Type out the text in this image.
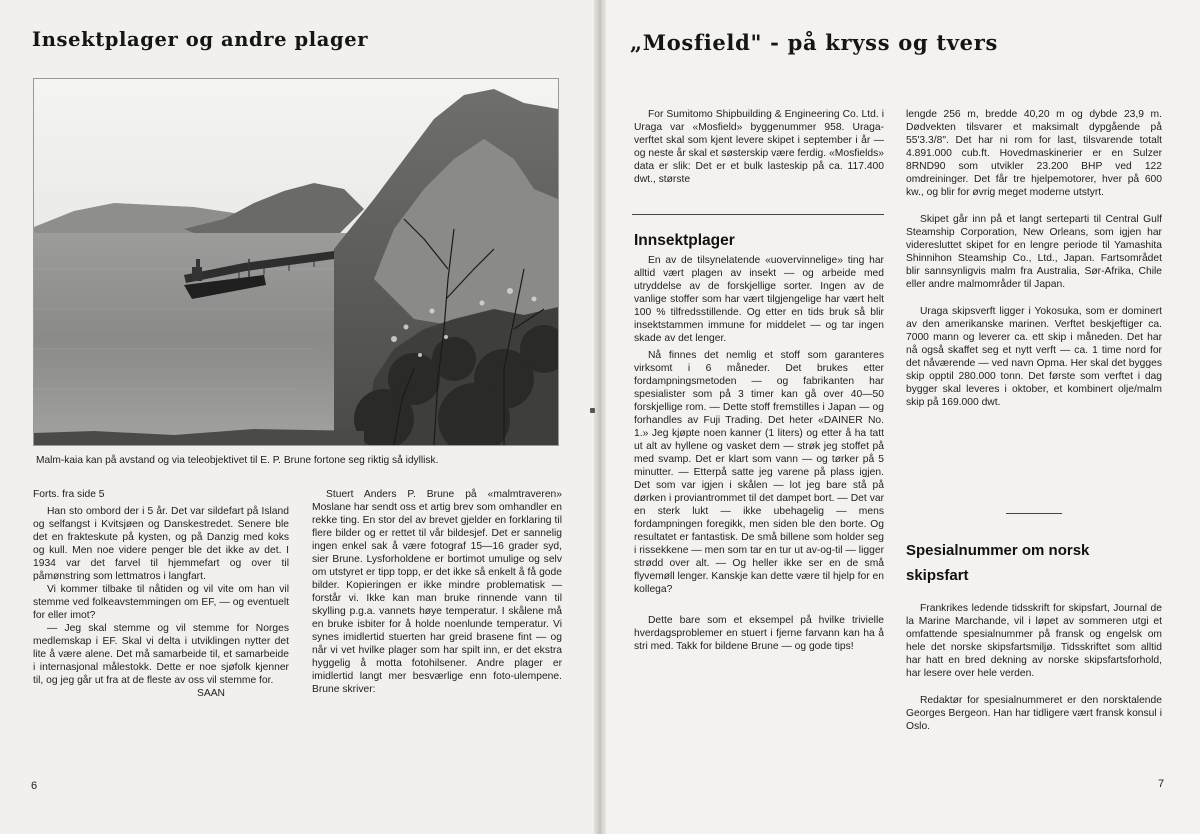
Insektplager og andre plager

Malm-kaia kan på avstand og via teleobjektivet til E. P. Brune fortone seg riktig så idyllisk.

Forts. fra side 5

Han sto ombord der i 5 år. Det var sildefart på Island og selfangst i Kvitsjøen og Danskestredet. Senere ble det en frakteskute på kysten, og på Danzig med koks og kull. Men noe videre penger ble det ikke av det. I 1934 var det farvel til hjemmefart og over til påmønstring som lettmatros i langfart.

Vi kommer tilbake til nåtiden og vil vite om han vil stemme ved folkeavstemmingen om EF, — og eventuelt for eller imot?

— Jeg skal stemme og vil stemme for Norges medlemskap i EF. Skal vi delta i utviklingen nytter det lite å være alene. Det må samarbeide til, et samarbeide i internasjonal målestokk. Dette er noe sjøfolk kjenner til, og jeg går ut fra at de fleste av oss vil stemme for.

SAAN

Stuert Anders P. Brune på «malmtraveren» Moslane har sendt oss et artig brev som omhandler en rekke ting. En stor del av brevet gjelder en forklaring til flere bilder og er rettet til vår bildesjef. Det er sannelig ingen enkel sak å være fotograf 15—16 grader syd, sier Brune. Lysforholdene er bortimot umulige og selv om utstyret er tipp topp, er det ikke så enkelt å få gode bilder. Kopieringen er ikke mindre problematisk — forstår vi. Ikke kan man bruke rinnende vann til skylling p.g.a. vannets høye temperatur. I skålene må en bruke isbiter for å holde noenlunde temperatur. Vi synes imidlertid stuerten har greid brasene fint — og når vi vet hvilke plager som har spilt inn, er det ekstra hyggelig å motta fotohilsener. Andre plager er imidlertid langt mer besværlige enn foto-ulempene. Brune skriver:

6

„Mosfield" - på kryss og tvers

For Sumitomo Shipbuilding & Engineering Co. Ltd. i Uraga var «Mosfield» byggenummer 958. Uraga-verftet skal som kjent levere skipet i september i år — og neste år skal et søsterskip være ferdig. «Mosfields» data er slik: Det er et bulk lasteskip på ca. 117.400 dwt., største

Innsektplager

En av de tilsynelatende «uovervinnelige» ting har alltid vært plagen av insekt — og arbeide med utryddelse av de forskjellige sorter. Ingen av de vanlige stoffer som har vært tilgjengelige har vært helt 100 % tilfredsstillende. Og etter en tids bruk så blir insektstammen immune for middelet — og tar ingen skade av det lenger.

Nå finnes det nemlig et stoff som garanteres virksomt i 6 måneder. Det brukes etter fordampningsmetoden — og fabrikanten har spesialister som på 3 timer kan gå over 40—50 forskjellige rom. — Dette stoff fremstilles i Japan — og forhandles av Fuji Trading. Det heter «DAINER No. 1.» Jeg kjøpte noen kanner (1 liters) og etter å ha tatt ut alt av hyllene og vasket dem — strøk jeg stoffet på med svamp. Det er klart som vann — og tørker på 5 minutter. — Etterpå satte jeg varene på plass igjen. Det som var igjen i skålen — lot jeg bare stå på dørken i proviantrommet til det dampet bort. — Det var en sterk lukt — ikke ubehagelig — mens fordampningen foregikk, men siden ble den borte. Og resultatet er fantastisk. De små billene som holder seg i rissekkene — men som tar en tur ut av-og-til — ligger strødd over alt. — Og heller ikke ser en de små flyvemøll lenger. Kanskje kan dette være til hjelp for en kollega?

Dette bare som et eksempel på hvilke trivielle hverdagsproblemer en stuert i fjerne farvann kan ha å stri med. Takk for bildene Brune — og gode tips!

lengde 256 m, bredde 40,20 m og dybde 23,9 m. Dødvekten tilsvarer et maksimalt dypgående på 55'3.3/8". Det har ni rom for last, tilsvarende totalt 4.891.000 cub.ft. Hovedmaskinerier er en Sulzer 8RND90 som utvikler 23.200 BHP ved 122 omdreininger. Det får tre hjelpemotorer, hver på 600 kw., og blir for øvrig meget moderne utstyrt.

Skipet går inn på et langt serteparti til Central Gulf Steamship Corporation, New Orleans, som igjen har videresluttet skipet for en lengre periode til Yamashita Shinnihon Steamship Co., Ltd., Japan. Fartsområdet blir sannsynligvis malm fra Australia, Sør-Afrika, Chile eller andre malmområder til Japan.

Uraga skipsverft ligger i Yokosuka, som er dominert av den amerikanske marinen. Verftet beskjeftiger ca. 7000 mann og leverer ca. ett skip i måneden. Det har nå også skaffet seg et nytt verft — ca. 1 time nord for det nåværende — ved navn Opma. Her skal det bygges skip opptil 280.000 tonn. Det første som verftet i dag bygger skal leveres i oktober, et kombinert olje/malm skip på 169.000 dwt.

Spesialnummer om norsk skipsfart

Frankrikes ledende tidsskrift for skipsfart, Journal de la Marine Marchande, vil i løpet av sommeren utgi et omfattende spesialnummer på fransk og engelsk om hele det norske skipsfartsmiljø. Tidsskriftet som alltid har hatt en bred dekning av norske skipsfartsforhold, har lesere over hele verden.

Redaktør for spesialnummeret er den norsktalende Georges Bergeon. Han har tidligere vært fransk konsul i Oslo.

7
